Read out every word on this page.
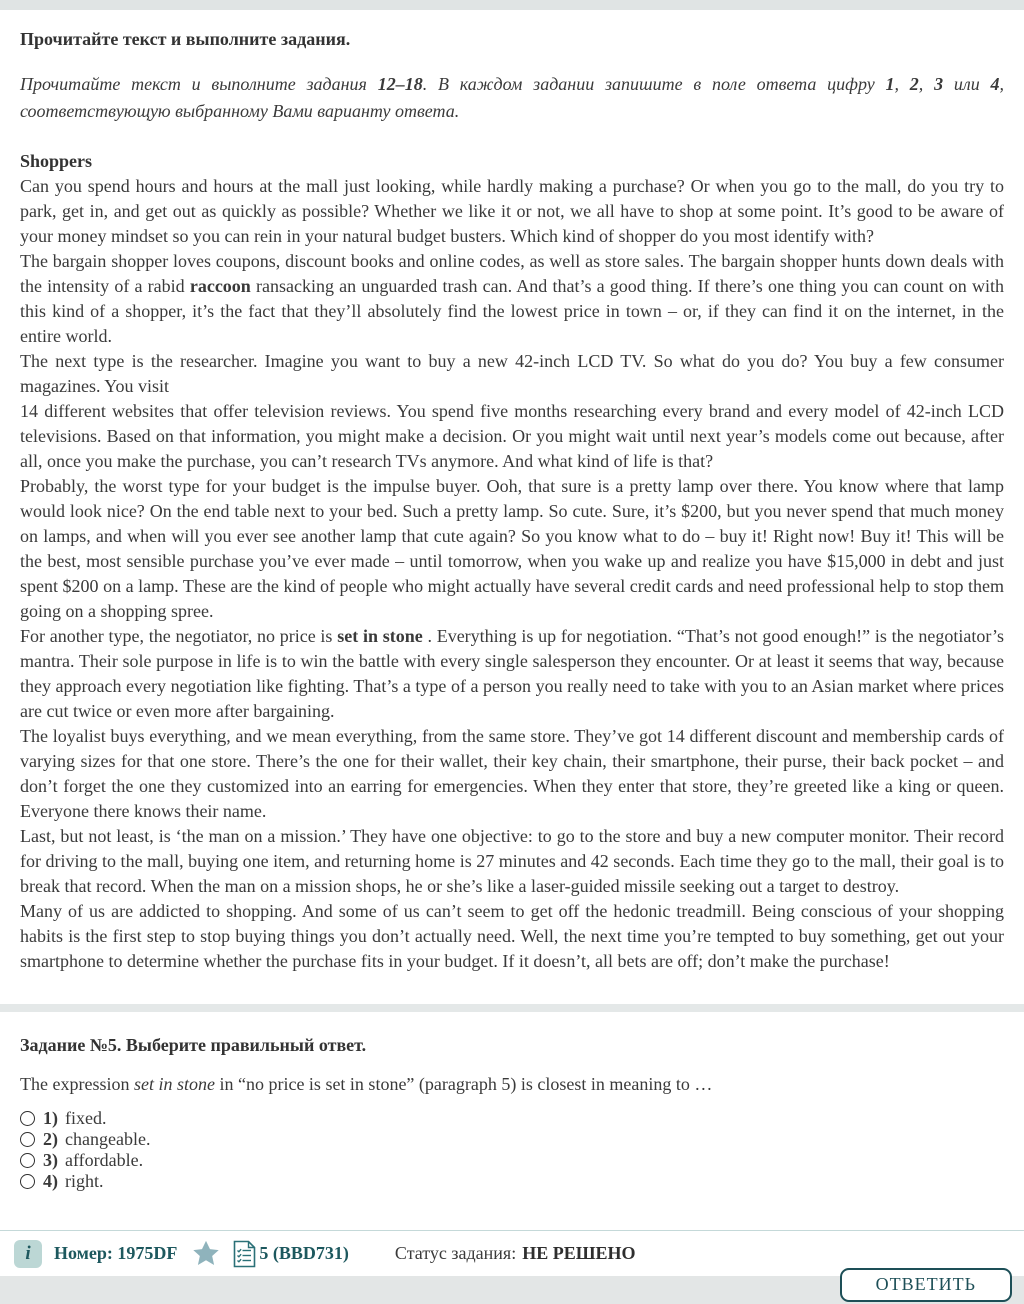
Прочитайте текст и выполните задания.

Прочитайте текст и выполните задания 12–18. В каждом задании запишите в поле ответа цифру 1, 2, 3 или 4, соответствующую выбранному Вами варианту ответа.

Shoppers

Can you spend hours and hours at the mall just looking, while hardly making a purchase? Or when you go to the mall, do you try to park, get in, and get out as quickly as possible? Whether we like it or not, we all have to shop at some point. It’s good to be aware of your money mindset so you can rein in your natural budget busters. Which kind of shopper do you most identify with?

The bargain shopper loves coupons, discount books and online codes, as well as store sales. The bargain shopper hunts down deals with the intensity of a rabid raccoon ransacking an unguarded trash can. And that’s a good thing. If there’s one thing you can count on with this kind of a shopper, it’s the fact that they’ll absolutely find the lowest price in town – or, if they can find it on the internet, in the entire world.

The next type is the researcher. Imagine you want to buy a new 42-inch LCD TV. So what do you do? You buy a few consumer magazines. You visit

14 different websites that offer television reviews. You spend five months researching every brand and every model of 42-inch LCD televisions. Based on that information, you might make a decision. Or you might wait until next year’s models come out because, after all, once you make the purchase, you can’t research TVs anymore. And what kind of life is that?

Probably, the worst type for your budget is the impulse buyer. Ooh, that sure is a pretty lamp over there. You know where that lamp would look nice? On the end table next to your bed. Such a pretty lamp. So cute. Sure, it’s $200, but you never spend that much money on lamps, and when will you ever see another lamp that cute again? So you know what to do – buy it! Right now! Buy it! This will be the best, most sensible purchase you’ve ever made – until tomorrow, when you wake up and realize you have $15,000 in debt and just spent $200 on a lamp. These are the kind of people who might actually have several credit cards and need professional help to stop them going on a shopping spree.

For another type, the negotiator, no price is set in stone . Everything is up for negotiation. “That’s not good enough!” is the negotiator’s mantra. Their sole purpose in life is to win the battle with every single salesperson they encounter. Or at least it seems that way, because they approach every negotiation like fighting. That’s a type of a person you really need to take with you to an Asian market where prices are cut twice or even more after bargaining.

The loyalist buys everything, and we mean everything, from the same store. They’ve got 14 different discount and membership cards of varying sizes for that one store. There’s the one for their wallet, their key chain, their smartphone, their purse, their back pocket – and don’t forget the one they customized into an earring for emergencies. When they enter that store, they’re greeted like a king or queen. Everyone there knows their name.

Last, but not least, is ‘the man on a mission.’ They have one objective: to go to the store and buy a new computer monitor. Their record for driving to the mall, buying one item, and returning home is 27 minutes and 42 seconds. Each time they go to the mall, their goal is to break that record. When the man on a mission shops, he or she’s like a laser-guided missile seeking out a target to destroy.

Many of us are addicted to shopping. And some of us can’t seem to get off the hedonic treadmill. Being conscious of your shopping habits is the first step to stop buying things you don’t actually need. Well, the next time you’re tempted to buy something, get out your smartphone to determine whether the purchase fits in your budget. If it doesn’t, all bets are off; don’t make the purchase!

Задание №5. Выберите правильный ответ.

The expression set in stone in “no price is set in stone” (paragraph 5) is closest in meaning to …

1) fixed.
2) changeable.
3) affordable.
4) right.
i	Номер: 1975DF	5 (BBD731)	Статус задания: НЕ РЕШЕНО
ОТВЕТИТЬ
